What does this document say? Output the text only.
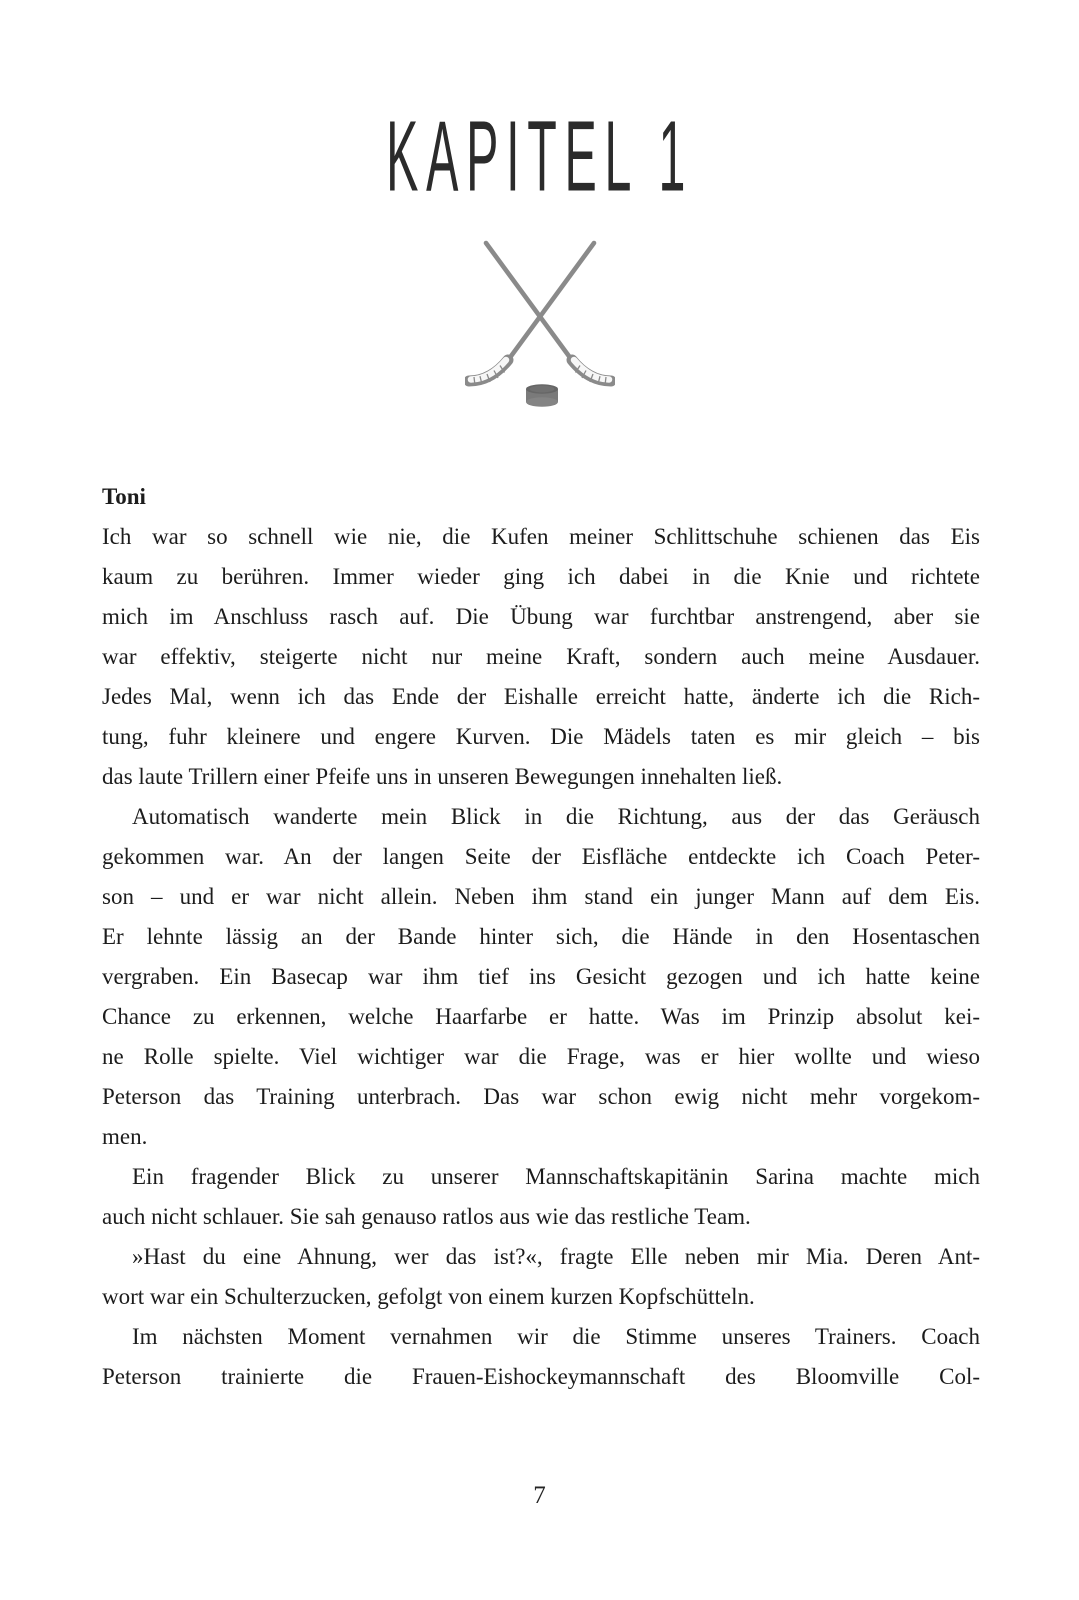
KAPITEL 1
Toni
Ich war so schnell wie nie, die Kufen meiner Schlittschuhe schienen das Eis
kaum zu berühren. Immer wieder ging ich dabei in die Knie und richtete
mich im Anschluss rasch auf. Die Übung war furchtbar anstrengend, aber sie
war effektiv, steigerte nicht nur meine Kraft, sondern auch meine Ausdauer.
Jedes Mal, wenn ich das Ende der Eishalle erreicht hatte, änderte ich die Rich-
tung, fuhr kleinere und engere Kurven. Die Mädels taten es mir gleich – bis
das laute Trillern einer Pfeife uns in unseren Bewegungen innehalten ließ.
Automatisch wanderte mein Blick in die Richtung, aus der das Geräusch
gekommen war. An der langen Seite der Eisfläche entdeckte ich Coach Peter-
son – und er war nicht allein. Neben ihm stand ein junger Mann auf dem Eis.
Er lehnte lässig an der Bande hinter sich, die Hände in den Hosentaschen
vergraben. Ein Basecap war ihm tief ins Gesicht gezogen und ich hatte keine
Chance zu erkennen, welche Haarfarbe er hatte. Was im Prinzip absolut kei-
ne Rolle spielte. Viel wichtiger war die Frage, was er hier wollte und wieso
Peterson das Training unterbrach. Das war schon ewig nicht mehr vorgekom-
men.
Ein fragender Blick zu unserer Mannschaftskapitänin Sarina machte mich
auch nicht schlauer. Sie sah genauso ratlos aus wie das restliche Team.
»Hast du eine Ahnung, wer das ist?«, fragte Elle neben mir Mia. Deren Ant-
wort war ein Schulterzucken, gefolgt von einem kurzen Kopfschütteln.
Im nächsten Moment vernahmen wir die Stimme unseres Trainers. Coach
Peterson trainierte die Frauen-Eishockeymannschaft des Bloomville Col-
7
